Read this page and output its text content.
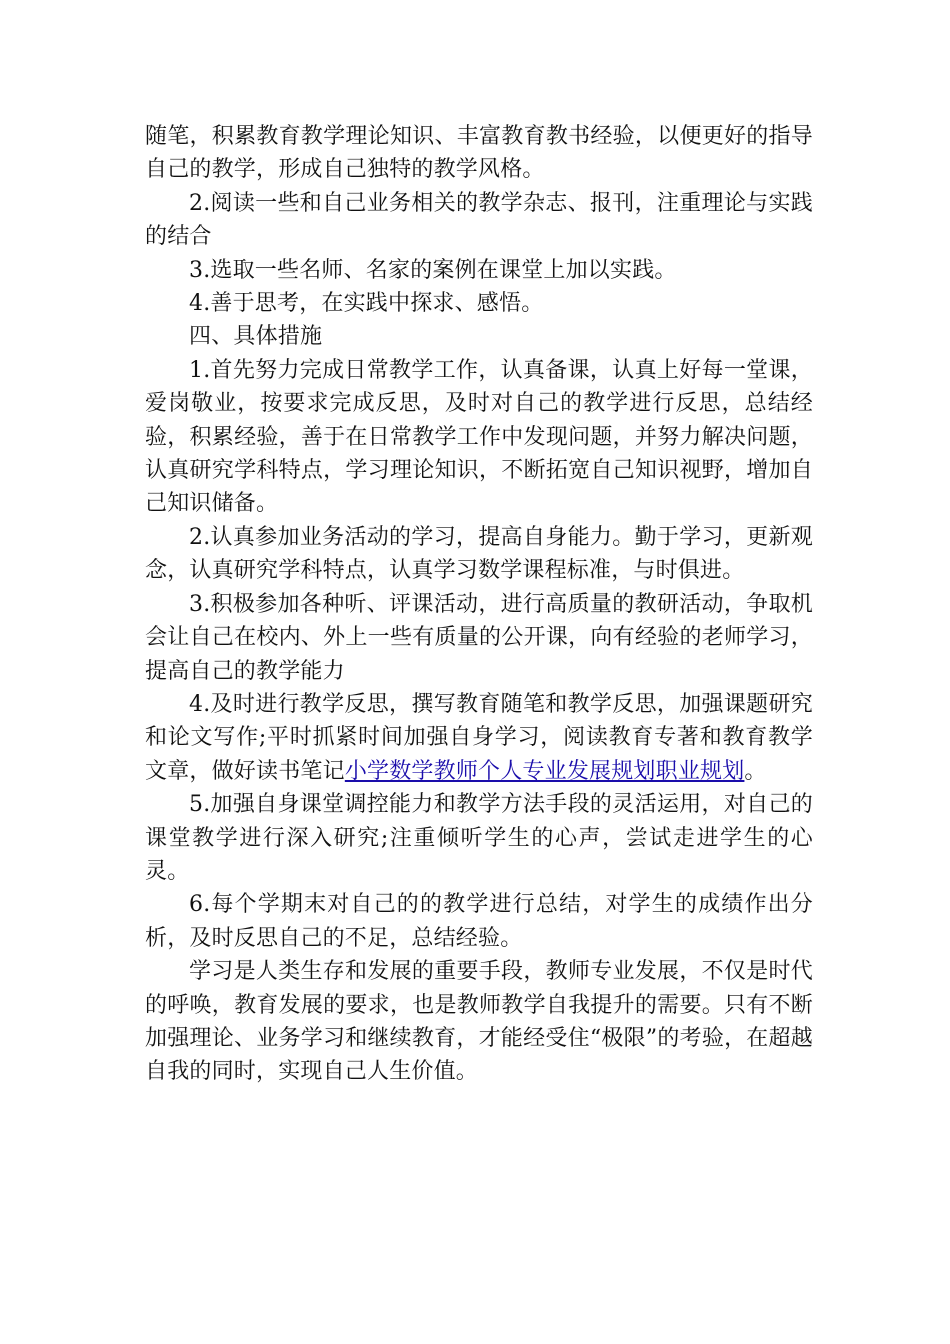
随笔，积累教育教学理论知识、丰富教育教书经验，以便更好的指导自己的教学，形成自己独特的教学风格。

2.阅读一些和自己业务相关的教学杂志、报刊，注重理论与实践的结合

3.选取一些名师、名家的案例在课堂上加以实践。

4.善于思考，在实践中探求、感悟。

四、具体措施

1.首先努力完成日常教学工作，认真备课，认真上好每一堂课，爱岗敬业，按要求完成反思，及时对自己的教学进行反思，总结经验，积累经验，善于在日常教学工作中发现问题，并努力解决问题，认真研究学科特点，学习理论知识，不断拓宽自己知识视野，增加自己知识储备。

2.认真参加业务活动的学习，提高自身能力。勤于学习，更新观念，认真研究学科特点，认真学习数学课程标准，与时俱进。

3.积极参加各种听、评课活动，进行高质量的教研活动，争取机会让自己在校内、外上一些有质量的公开课，向有经验的老师学习，提高自己的教学能力

4.及时进行教学反思，撰写教育随笔和教学反思，加强课题研究和论文写作;平时抓紧时间加强自身学习，阅读教育专著和教育教学文章，做好读书笔记小学数学教师个人专业发展规划职业规划。

5.加强自身课堂调控能力和教学方法手段的灵活运用，对自己的课堂教学进行深入研究;注重倾听学生的心声，尝试走进学生的心灵。

6.每个学期末对自己的的教学进行总结，对学生的成绩作出分析，及时反思自己的不足，总结经验。

学习是人类生存和发展的重要手段，教师专业发展，不仅是时代的呼唤，教育发展的要求，也是教师教学自我提升的需要。只有不断加强理论、业务学习和继续教育，才能经受住“极限”的考验，在超越自我的同时，实现自己人生价值。
